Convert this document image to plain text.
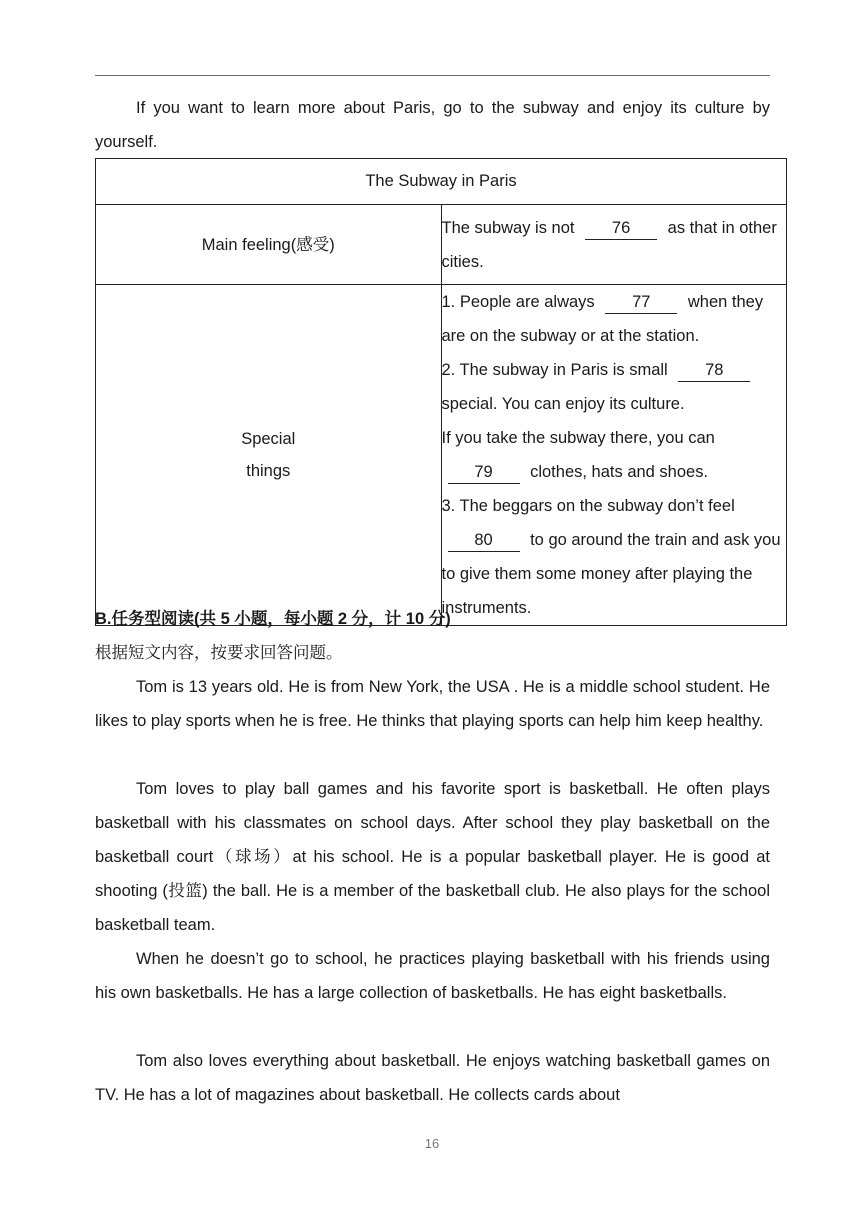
If you want to learn more about Paris, go to the subway and enjoy its culture by yourself.

The Subway in Paris	
Main feeling(感受)	The subway is not 76 as that in other cities.

Special things	1. People are always 77 when they are on the subway or at the station.
2. The subway in Paris is small 78 special. You can enjoy its culture.
If you take the subway there, you can 79 clothes, hats and shoes.
3. The beggars on the subway don’t feel 80 to go around the train and ask you to give them some money after playing the instruments.

B.任务型阅读(共 5 小题，每小题 2 分，计 10 分)

根据短文内容，按要求回答问题。

Tom is 13 years old. He is from New York, the USA . He is a middle school student. He likes to play sports when he is free. He thinks that playing sports can help him keep healthy.

Tom loves to play ball games and his favorite sport is basketball. He often plays basketball with his classmates on school days. After school they play basketball on the basketball court（球场）at his school. He is a popular basketball player. He is good at shooting (投篮) the ball. He is a member of the basketball club. He also plays for the school basketball team.

When he doesn’t go to school, he practices playing basketball with his friends using his own basketballs. He has a large collection of basketballs. He has eight basketballs.

Tom also loves everything about basketball. He enjoys watching basketball games on TV. He has a lot of magazines about basketball. He collects cards about

16
